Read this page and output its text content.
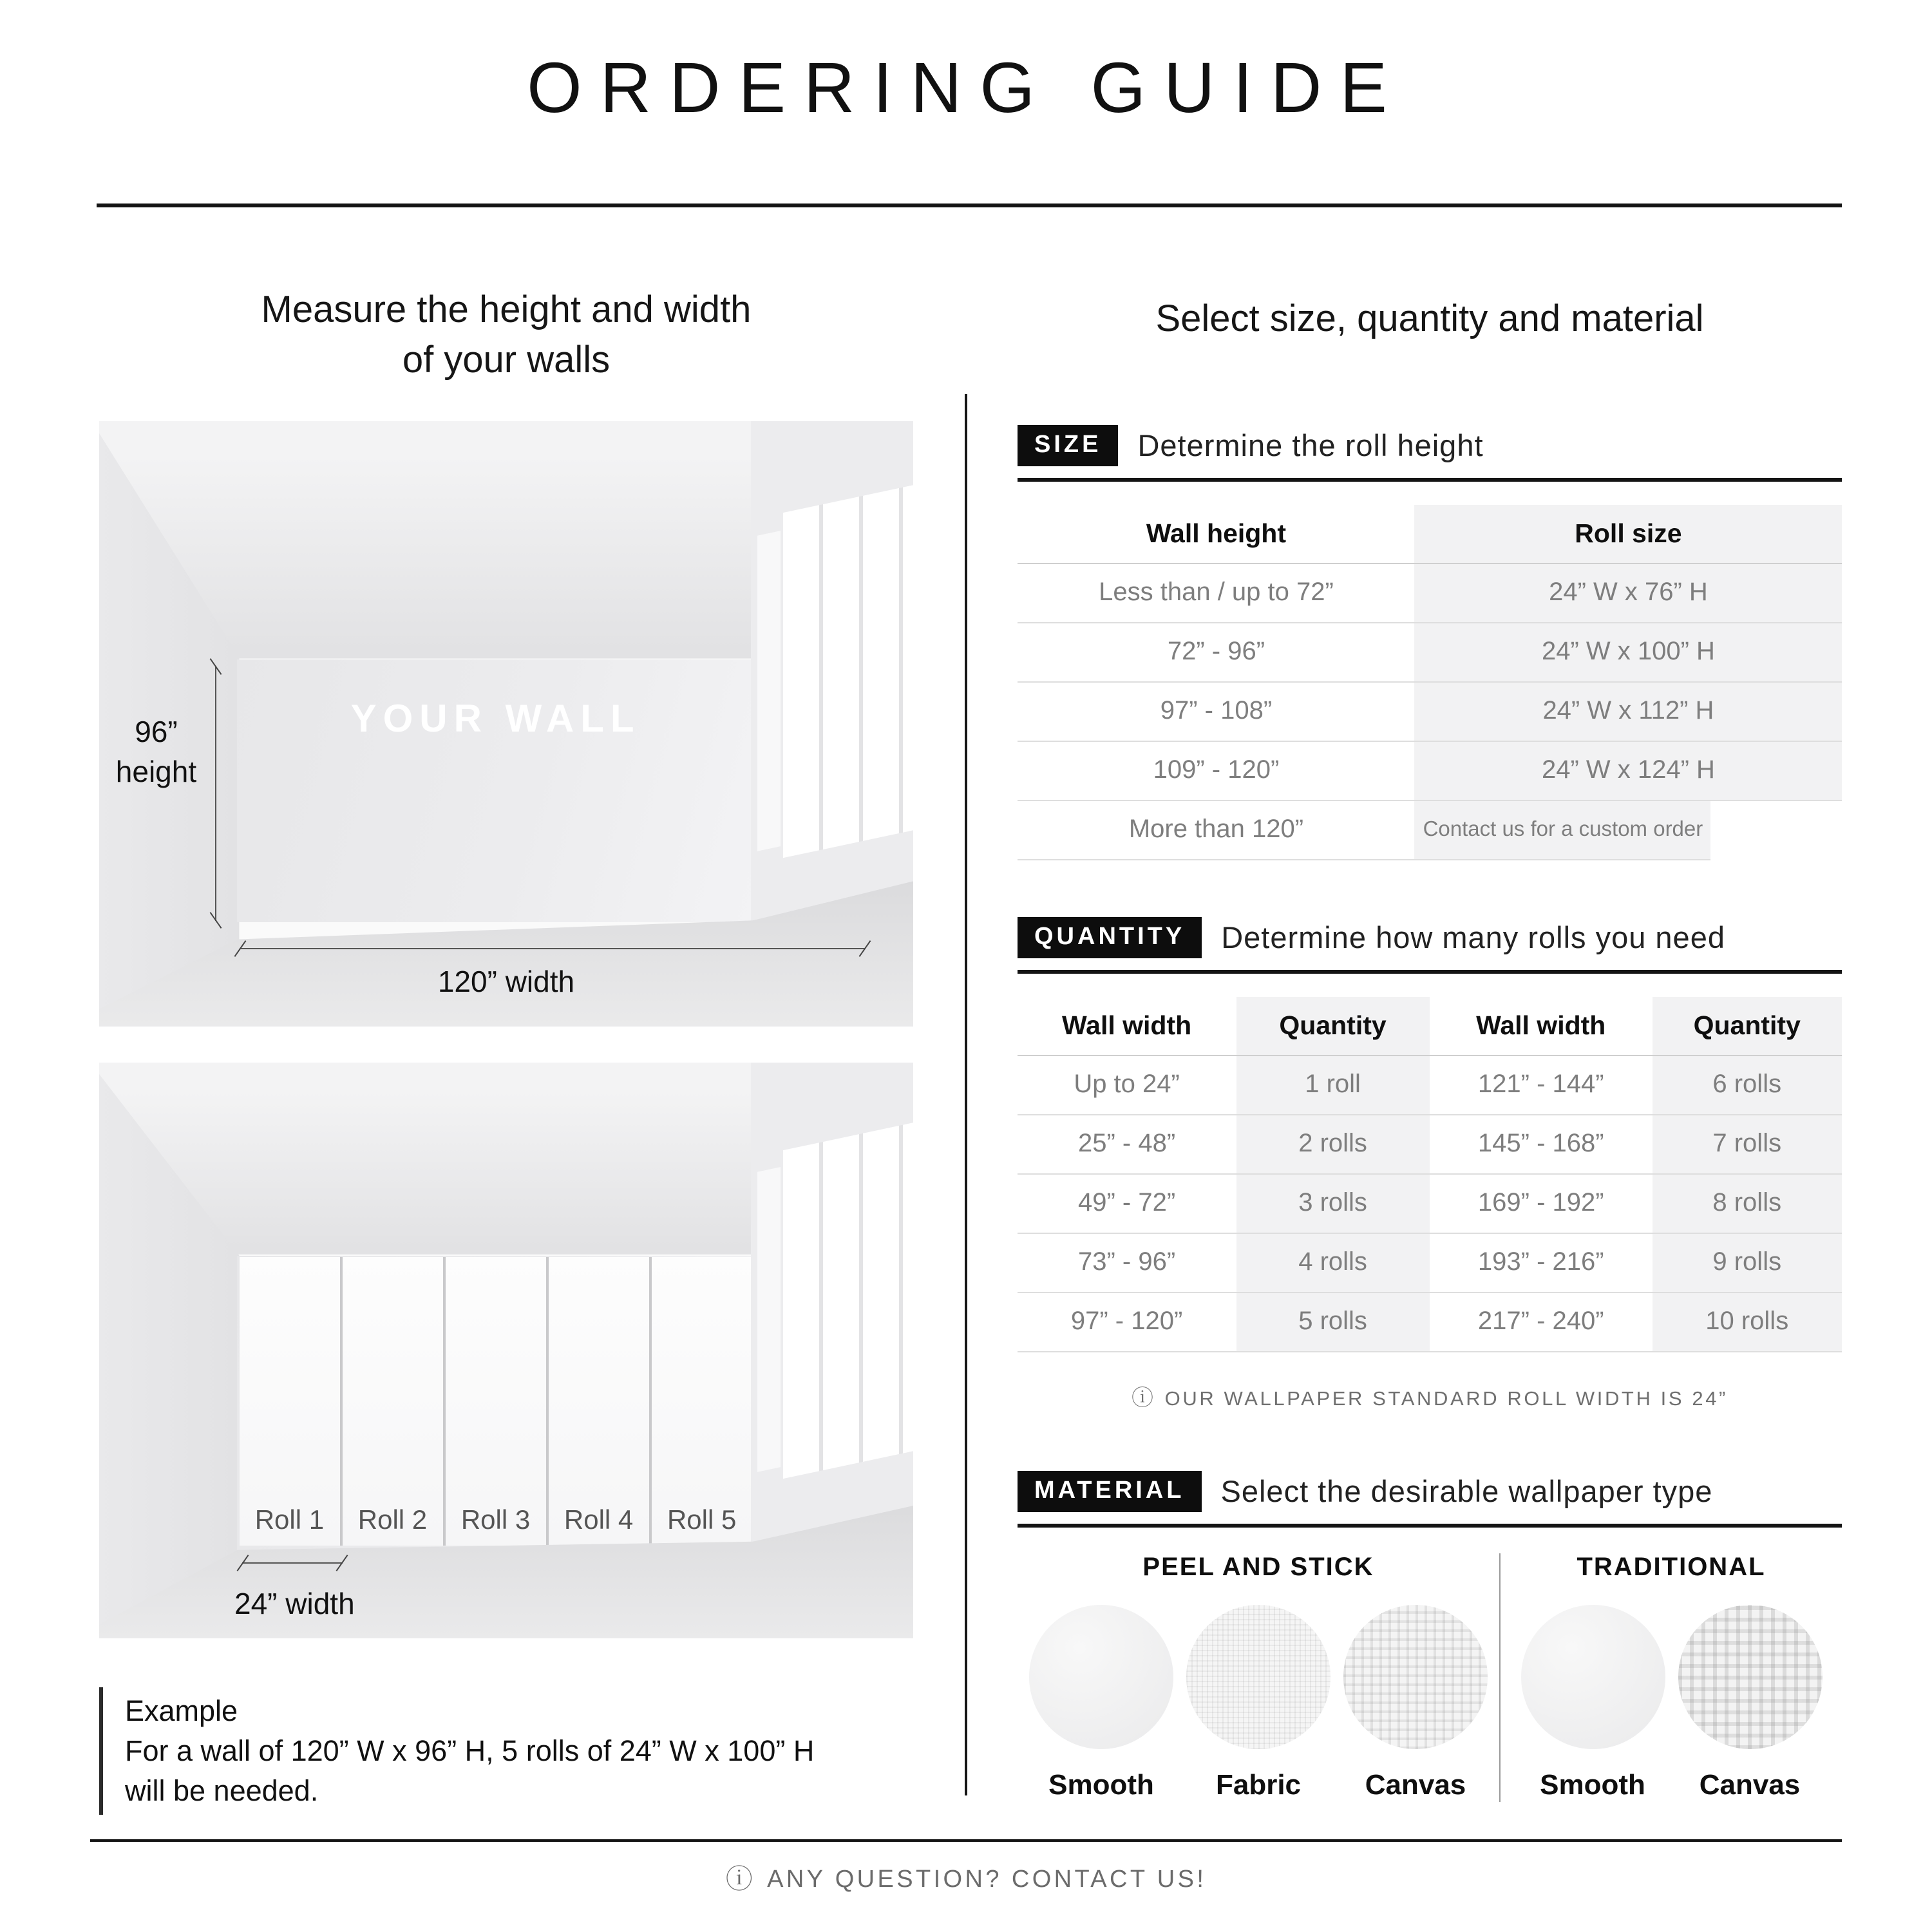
ORDERING GUIDE
Measure the height and width
of your walls
Select size, quantity and material
YOUR WALL
96”
height
120” width
Roll 1	Roll 2	Roll 3	Roll 4	Roll 5
24” width
Example
For a wall of 120” W x 96” H, 5 rolls of 24” W x 100” H
will be needed.
SIZE	Determine the roll height
Wall height	Roll size
Less than / up to 72”	24” W x 76” H
72” - 96”	24” W x 100” H
97” - 108”	24” W x 112” H
109” - 120”	24” W x 124” H
More than 120”	Contact us for a custom order
QUANTITY	Determine how many rolls you need
Wall width	Quantity	Wall width	Quantity
Up to 24”	1 roll	121” - 144”	6 rolls
25” - 48”	2 rolls	145” - 168”	7 rolls
49” - 72”	3 rolls	169” - 192”	8 rolls
73” - 96”	4 rolls	193” - 216”	9 rolls
97” - 120”	5 rolls	217” - 240”	10 rolls
ⓘ OUR WALLPAPER STANDARD ROLL WIDTH IS 24”
MATERIAL	Select the desirable wallpaper type
PEEL AND STICK
Smooth	Fabric	Canvas
TRADITIONAL
Smooth	Canvas
ⓘ ANY QUESTION? CONTACT US!
